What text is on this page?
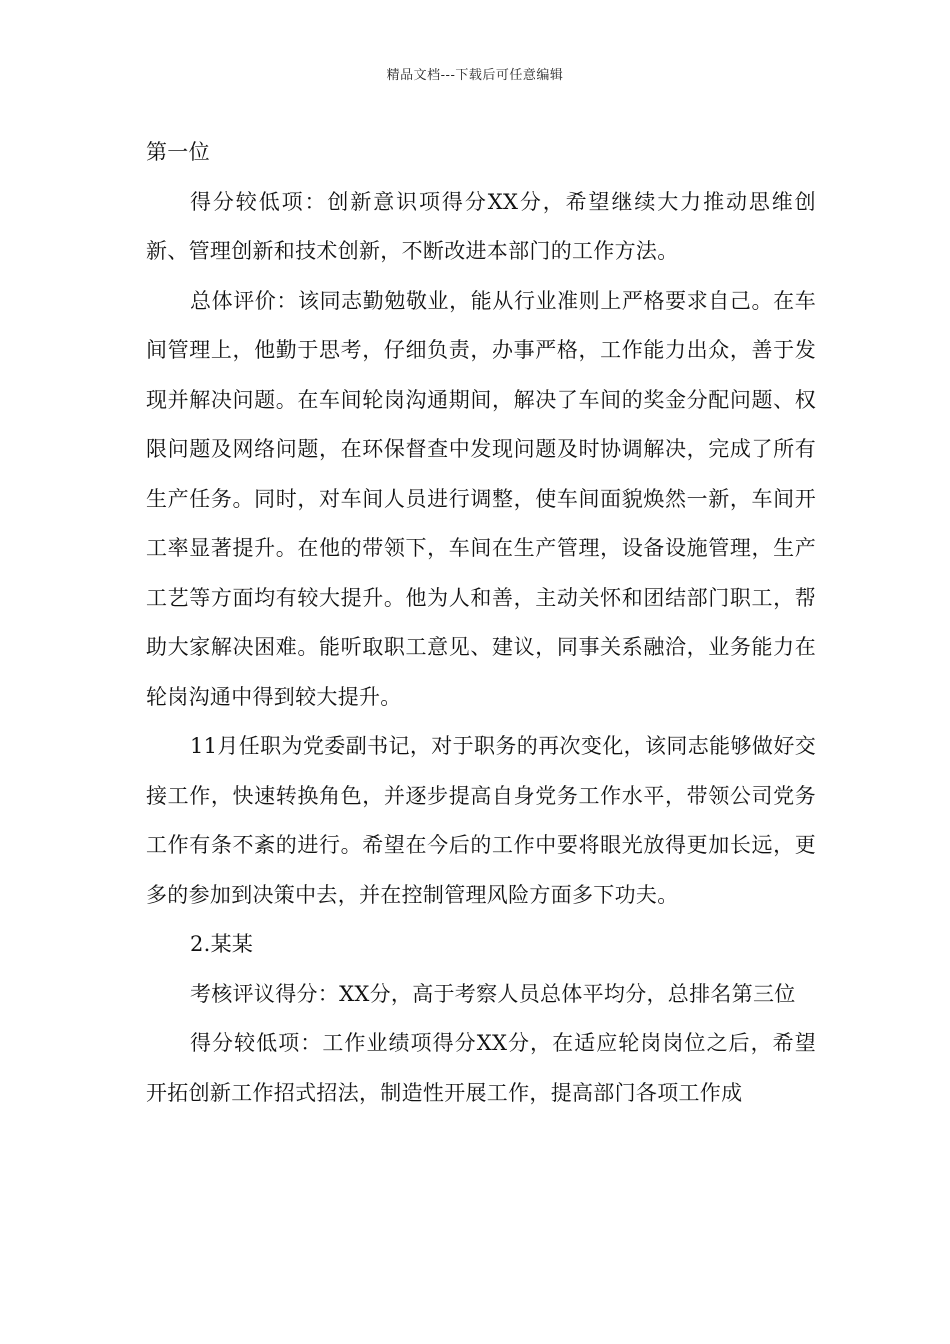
精品文档---下载后可任意编辑

第一位

得分较低项：创新意识项得分XX分，希望继续大力推动思维创新、管理创新和技术创新，不断改进本部门的工作方法。

总体评价：该同志勤勉敬业，能从行业准则上严格要求自己。在车间管理上，他勤于思考，仔细负责，办事严格，工作能力出众，善于发现并解决问题。在车间轮岗沟通期间，解决了车间的奖金分配问题、权限问题及网络问题，在环保督查中发现问题及时协调解决，完成了所有生产任务。同时，对车间人员进行调整，使车间面貌焕然一新，车间开工率显著提升。在他的带领下，车间在生产管理，设备设施管理，生产工艺等方面均有较大提升。他为人和善，主动关怀和团结部门职工，帮助大家解决困难。能听取职工意见、建议，同事关系融洽，业务能力在轮岗沟通中得到较大提升。

11月任职为党委副书记，对于职务的再次变化，该同志能够做好交接工作，快速转换角色，并逐步提高自身党务工作水平，带领公司党务工作有条不紊的进行。希望在今后的工作中要将眼光放得更加长远，更多的参加到决策中去，并在控制管理风险方面多下功夫。

2.某某

考核评议得分：XX分，高于考察人员总体平均分，总排名第三位

得分较低项：工作业绩项得分XX分，在适应轮岗岗位之后，希望开拓创新工作招式招法，制造性开展工作，提高部门各项工作成
